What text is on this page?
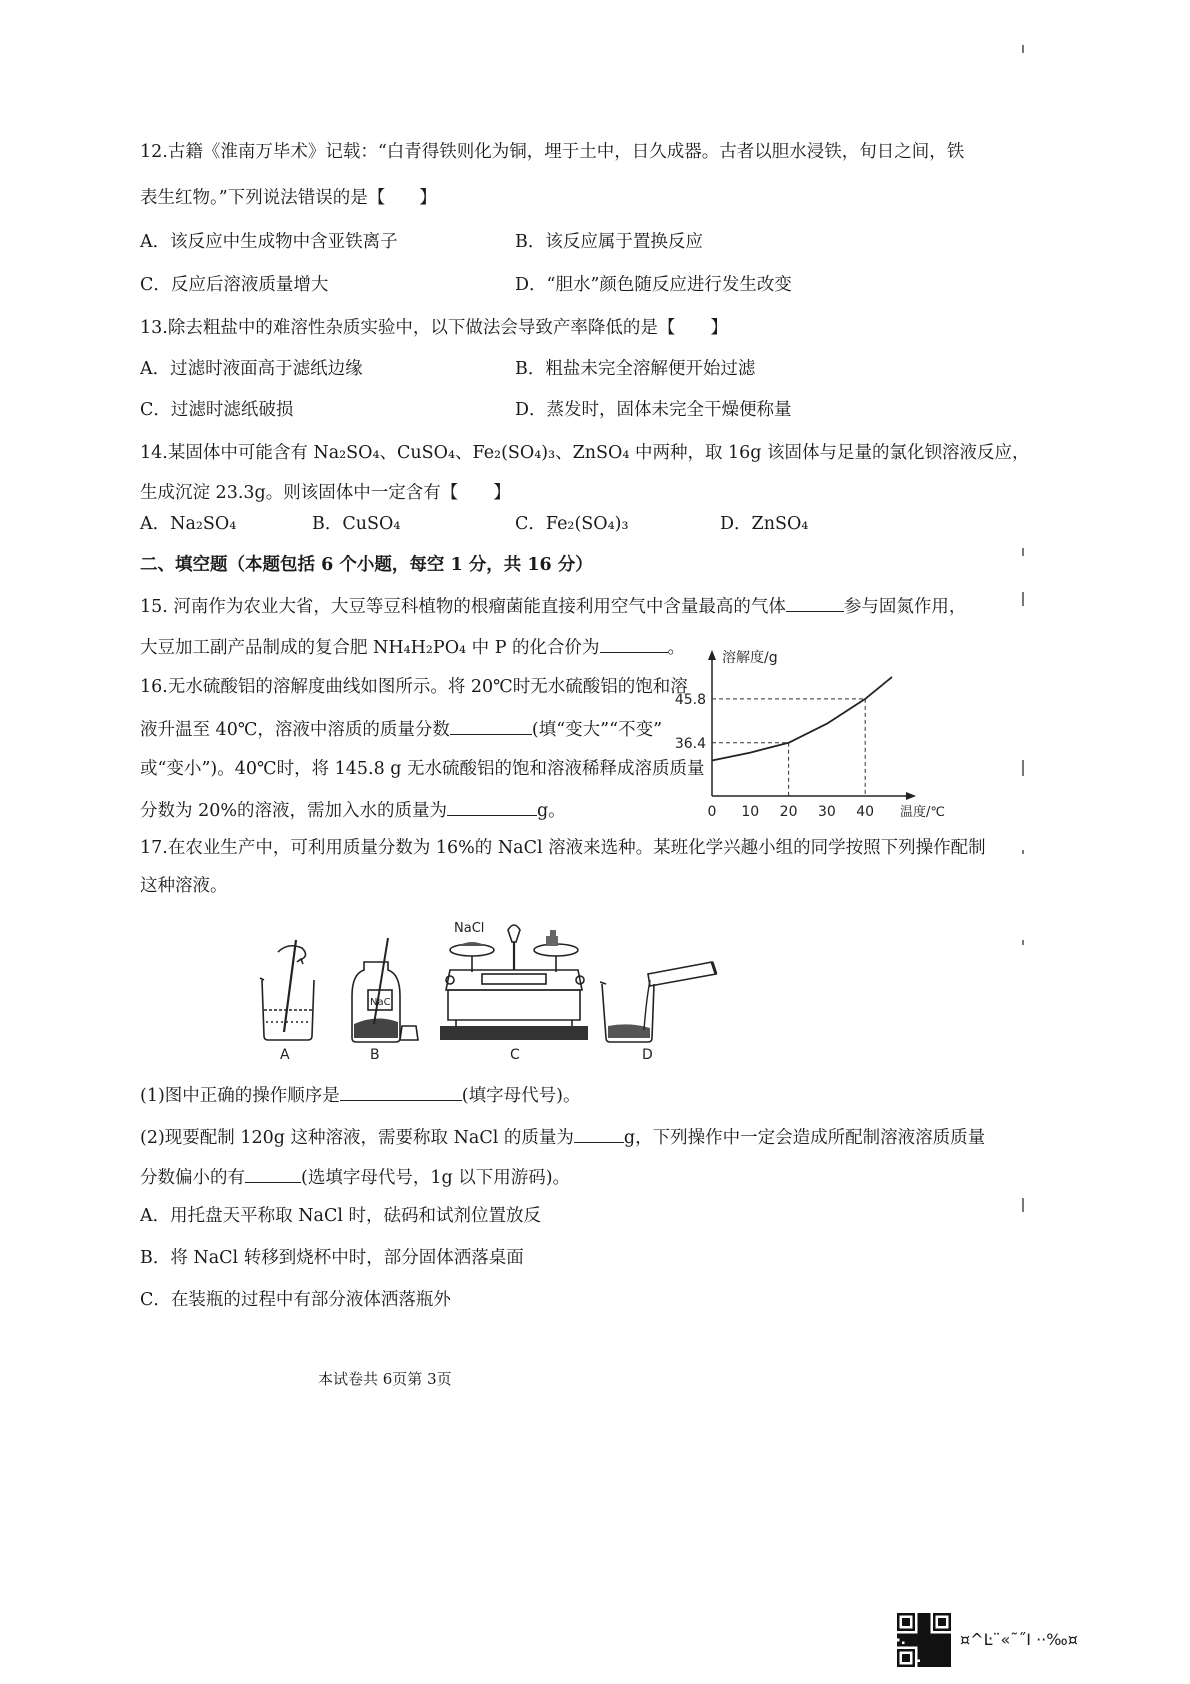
12.古籍《淮南万毕术》记载：“白青得铁则化为铜，埋于土中，日久成器。古者以胆水浸铁，旬日之间，铁
表生红物。”下列说法错误的是【 】
A．该反应中生成物中含亚铁离子	B．该反应属于置换反应
C．反应后溶液质量增大	D．“胆水”颜色随反应进行发生改变
13.除去粗盐中的难溶性杂质实验中，以下做法会导致产率降低的是【　　】
A．过滤时液面高于滤纸边缘	B．粗盐未完全溶解便开始过滤
C．过滤时滤纸破损	D．蒸发时，固体未完全干燥便称量
14.某固体中可能含有 Na₂SO₄、CuSO₄、Fe₂(SO₄)₃、ZnSO₄ 中两种，取 16g 该固体与足量的氯化钡溶液反应，
生成沉淀 23.3g。则该固体中一定含有【　　】
A．Na₂SO₄	B．CuSO₄	C．Fe₂(SO₄)₃	D．ZnSO₄
二、填空题（本题包括 6 个小题，每空 1 分，共 16 分）
15. 河南作为农业大省，大豆等豆科植物的根瘤菌能直接利用空气中含量最高的气体	参与固氮作用，
大豆加工副产品制成的复合肥 NH₄H₂PO₄ 中 P 的化合价为	。
16.无水硫酸铝的溶解度曲线如图所示。将 20℃时无水硫酸铝的饱和溶
液升温至 40℃，溶液中溶质的质量分数	(填“变大”“不变”
或“变小”)。40℃时，将 145.8 g 无水硫酸铝的饱和溶液稀释成溶质质量
分数为 20%的溶液，需加入水的质量为	g。
溶解度/g
温度/℃
0 10 20 30 40
36.4
45.8
17.在农业生产中，可利用质量分数为 16%的 NaCl 溶液来选种。某班化学兴趣小组的同学按照下列操作配制
这种溶液。
A
NaCl
B
NaCl
C	D
(1)图中正确的操作顺序是	(填字母代号)。
(2)现要配制 120g 这种溶液，需要称取 NaCl 的质量为	g，下列操作中一定会造成所配制溶液溶质质量
分数偏小的有	(选填字母代号，1g 以下用游码)。
A．用托盘天平称取 NaCl 时，砝码和试剂位置放反
B．将 NaCl 转移到烧杯中时，部分固体洒落桌面
C．在装瓶的过程中有部分液体洒落瓶外
本试卷共 6页第 3页
¤^Ŀ¨«˜˝Ι ··‰¤
